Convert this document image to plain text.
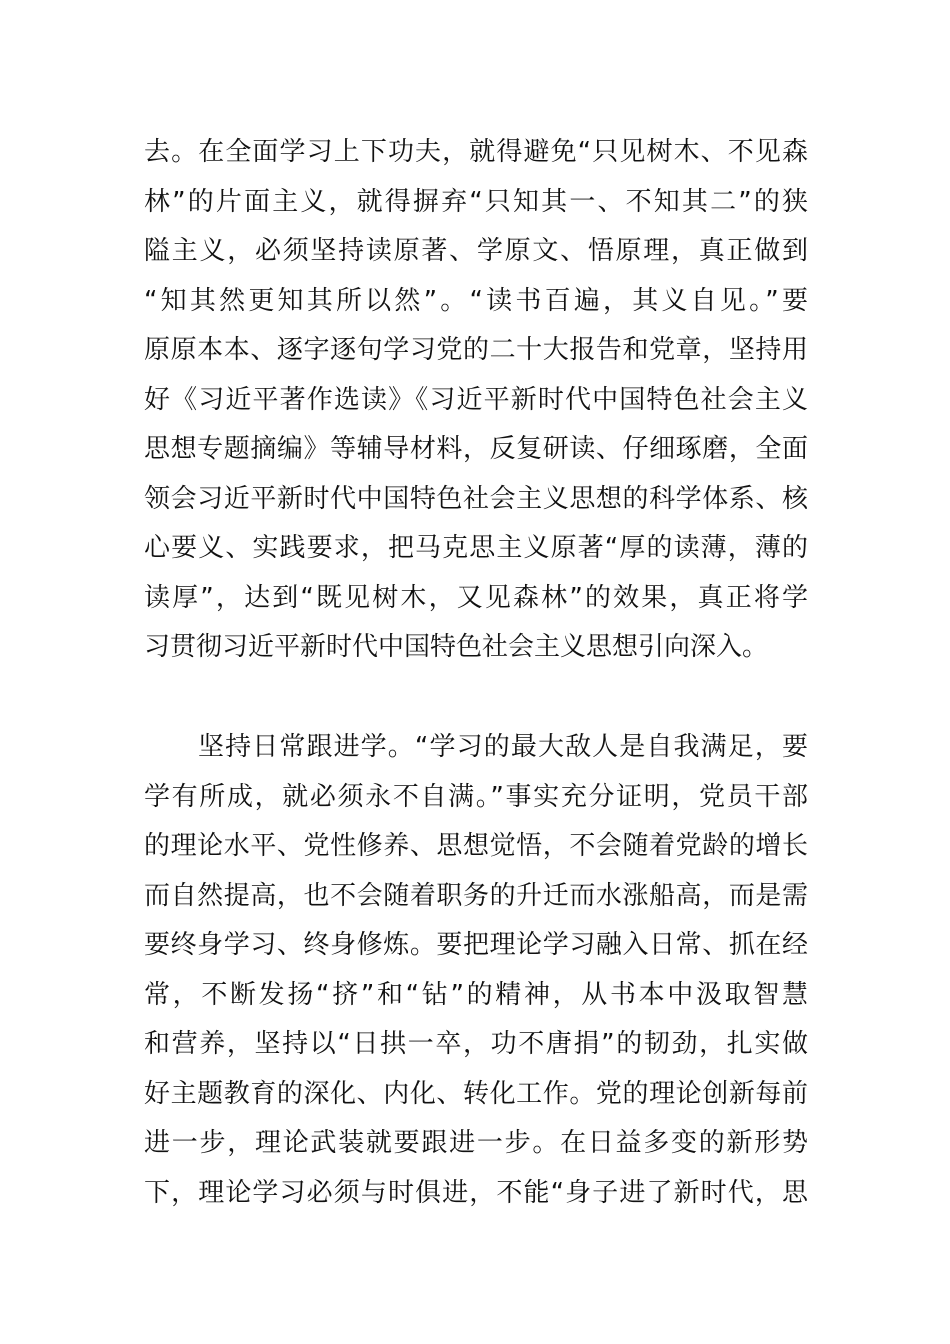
去。在全面学习上下功夫，就得避免“只见树木、不见森
林”的片面主义，就得摒弃“只知其一、不知其二”的狭
隘主义，必须坚持读原著、学原文、悟原理，真正做到
“知其然更知其所以然”。“读书百遍，其义自见。”要
原原本本、逐字逐句学习党的二十大报告和党章，坚持用
好《习近平著作选读》《习近平新时代中国特色社会主义
思想专题摘编》等辅导材料，反复研读、仔细琢磨，全面
领会习近平新时代中国特色社会主义思想的科学体系、核
心要义、实践要求，把马克思主义原著“厚的读薄，薄的
读厚”，达到“既见树木，又见森林”的效果，真正将学
习贯彻习近平新时代中国特色社会主义思想引向深入。
坚持日常跟进学。“学习的最大敌人是自我满足，要
学有所成，就必须永不自满。”事实充分证明，党员干部
的理论水平、党性修养、思想觉悟，不会随着党龄的增长
而自然提高，也不会随着职务的升迁而水涨船高，而是需
要终身学习、终身修炼。要把理论学习融入日常、抓在经
常，不断发扬“挤”和“钻”的精神，从书本中汲取智慧
和营养，坚持以“日拱一卒，功不唐捐”的韧劲，扎实做
好主题教育的深化、内化、转化工作。党的理论创新每前
进一步，理论武装就要跟进一步。在日益多变的新形势
下，理论学习必须与时俱进，不能“身子进了新时代，思
